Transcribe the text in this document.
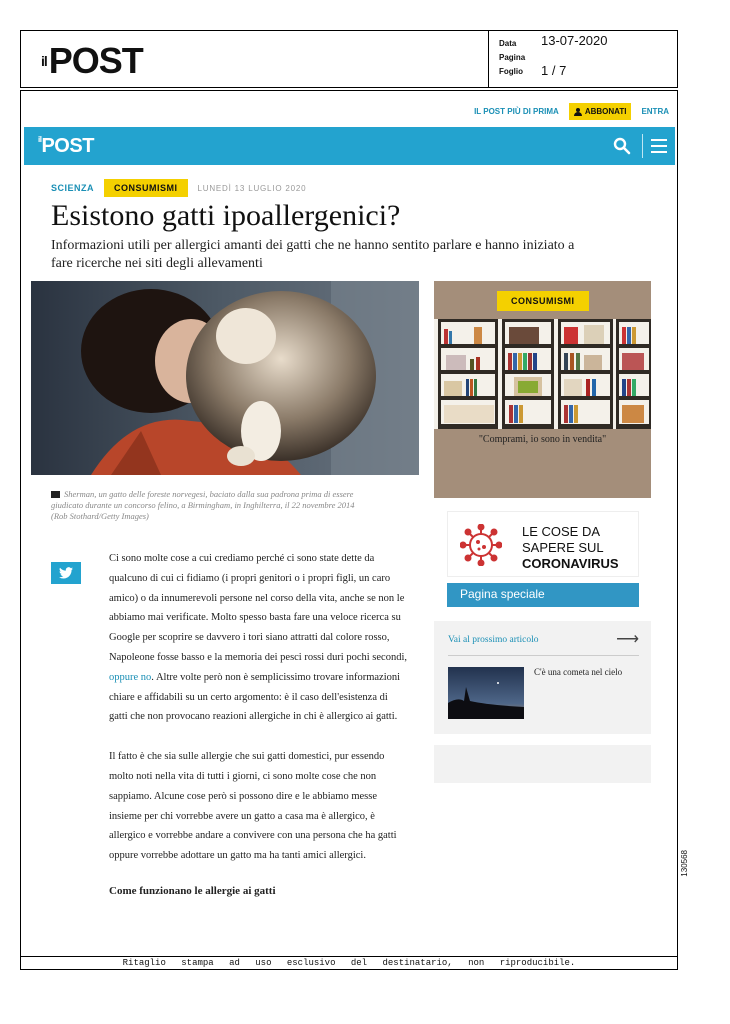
$^{il}$POST	Data 13-07-2020
Pagina
Foglio 1 / 7
IL POST PIÙ DI PRIMA	ABBONATI ENTRA
$^{il}$POST
SCIENZA	CONSUMISMI	LUNEDÌ 13 LUGLIO 2020
Esistono gatti ipoallergenici?
Informazioni utili per allergici amanti dei gatti che ne hanno sentito parlare e hanno iniziato a fare ricerche nei siti degli allevamenti
Sherman, un gatto delle foreste norvegesi, baciato dalla sua padrona prima di essere giudicato durante un concorso felino, a Birmingham, in Inghilterra, il 22 novembre 2014 (Rob Stothard/Getty Images)

Ci sono molte cose a cui crediamo perché ci sono state dette da qualcuno di cui ci fidiamo (i propri genitori o i propri figli, un caro amico) o da innumerevoli persone nel corso della vita, anche se non le abbiamo mai verificate. Molto spesso basta fare una veloce ricerca su Google per scoprire se davvero i tori siano attratti dal colore rosso, Napoleone fosse basso e la memoria dei pesci rossi duri pochi secondi, oppure no. Altre volte però non è semplicissimo trovare informazioni chiare e affidabili su un certo argomento: è il caso dell'esistenza di gatti che non provocano reazioni allergiche in chi è allergico ai gatti.

Il fatto è che sia sulle allergie che sui gatti domestici, pur essendo molto noti nella vita di tutti i giorni, ci sono molte cose che non sappiamo. Alcune cose però si possono dire e le abbiamo messe insieme per chi vorrebbe avere un gatto a casa ma è allergico, è allergico e vorrebbe andare a convivere con una persona che ha gatti oppure vorrebbe adottare un gatto ma ha tanti amici allergici.

Come funzionano le allergie ai gatti
CONSUMISMI
"Comprami, io sono in vendita"
LE COSE DA
SAPERE SUL
CORONAVIRUS
Pagina speciale
Vai al prossimo articolo	⟶
C'è una cometa nel cielo
Ritaglio stampa ad uso esclusivo del destinatario, non riproducibile.
130568
